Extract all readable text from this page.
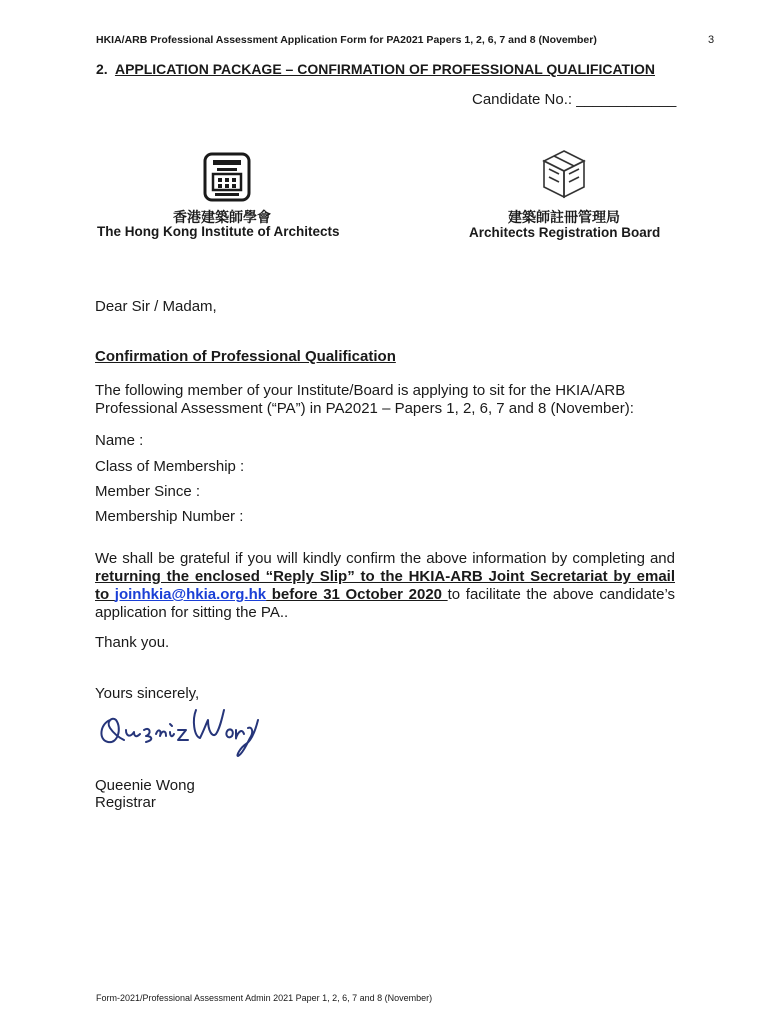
HKIA/ARB Professional Assessment Application Form for PA2021 Papers 1, 2, 6, 7 and 8 (November)	3
2. APPLICATION PACKAGE – CONFIRMATION OF PROFESSIONAL QUALIFICATION
Candidate No.: ____________
香港建築師學會
The Hong Kong Institute of Architects
建築師註冊管理局
Architects Registration Board
Dear Sir / Madam,
Confirmation of Professional Qualification
The following member of your Institute/Board is applying to sit for the HKIA/ARB Professional Assessment (“PA”) in PA2021 – Papers 1, 2, 6, 7 and 8 (November):
Name :
Class of Membership :
Member Since :
Membership Number :
We shall be grateful if you will kindly confirm the above information by completing and returning the enclosed “Reply Slip” to the HKIA-ARB Joint Secretariat by email to joinhkia@hkia.org.hk before 31 October 2020 to facilitate the above candidate’s application for sitting the PA..
Thank you.
Yours sincerely,
Queenie Wong
Registrar
Form-2021/Professional Assessment Admin 2021 Paper 1, 2, 6, 7 and 8 (November)
